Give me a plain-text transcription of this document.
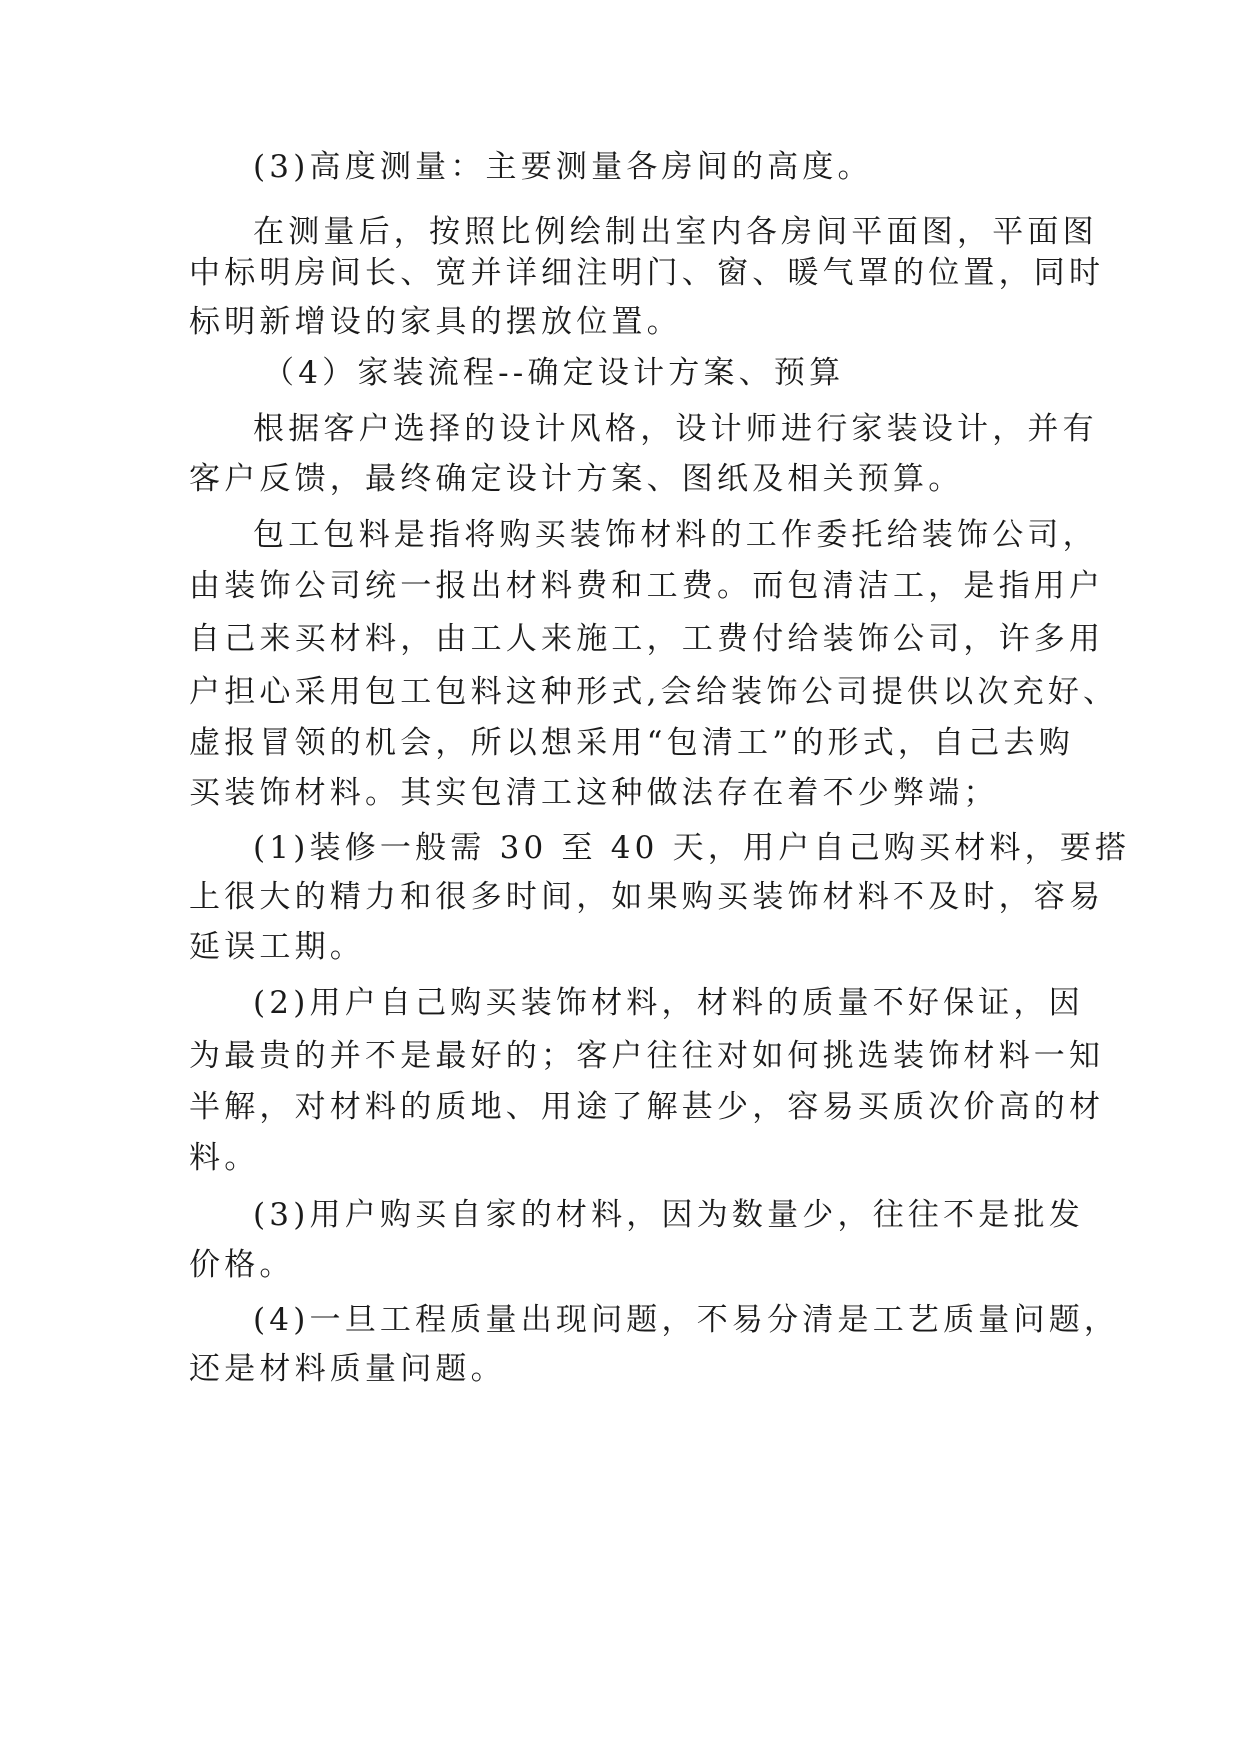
(3)高度测量：主要测量各房间的高度。
在测量后，按照比例绘制出室内各房间平面图，平面图
中标明房间长、宽并详细注明门、窗、暖气罩的位置，同时
标明新增设的家具的摆放位置。
（4）家装流程--确定设计方案、预算
根据客户选择的设计风格，设计师进行家装设计，并有
客户反馈，最终确定设计方案、图纸及相关预算。
包工包料是指将购买装饰材料的工作委托给装饰公司，
由装饰公司统一报出材料费和工费。而包清洁工，是指用户
自己来买材料，由工人来施工，工费付给装饰公司，许多用
户担心采用包工包料这种形式,会给装饰公司提供以次充好、
虚报冒领的机会，所以想采用“包清工”的形式，自己去购
买装饰材料。其实包清工这种做法存在着不少弊端；
(1)装修一般需 30 至 40 天，用户自己购买材料，要搭
上很大的精力和很多时间，如果购买装饰材料不及时，容易
延误工期。
(2)用户自己购买装饰材料，材料的质量不好保证，因
为最贵的并不是最好的；客户往往对如何挑选装饰材料一知
半解，对材料的质地、用途了解甚少，容易买质次价高的材
料。
(3)用户购买自家的材料，因为数量少，往往不是批发
价格。
(4)一旦工程质量出现问题，不易分清是工艺质量问题，
还是材料质量问题。
